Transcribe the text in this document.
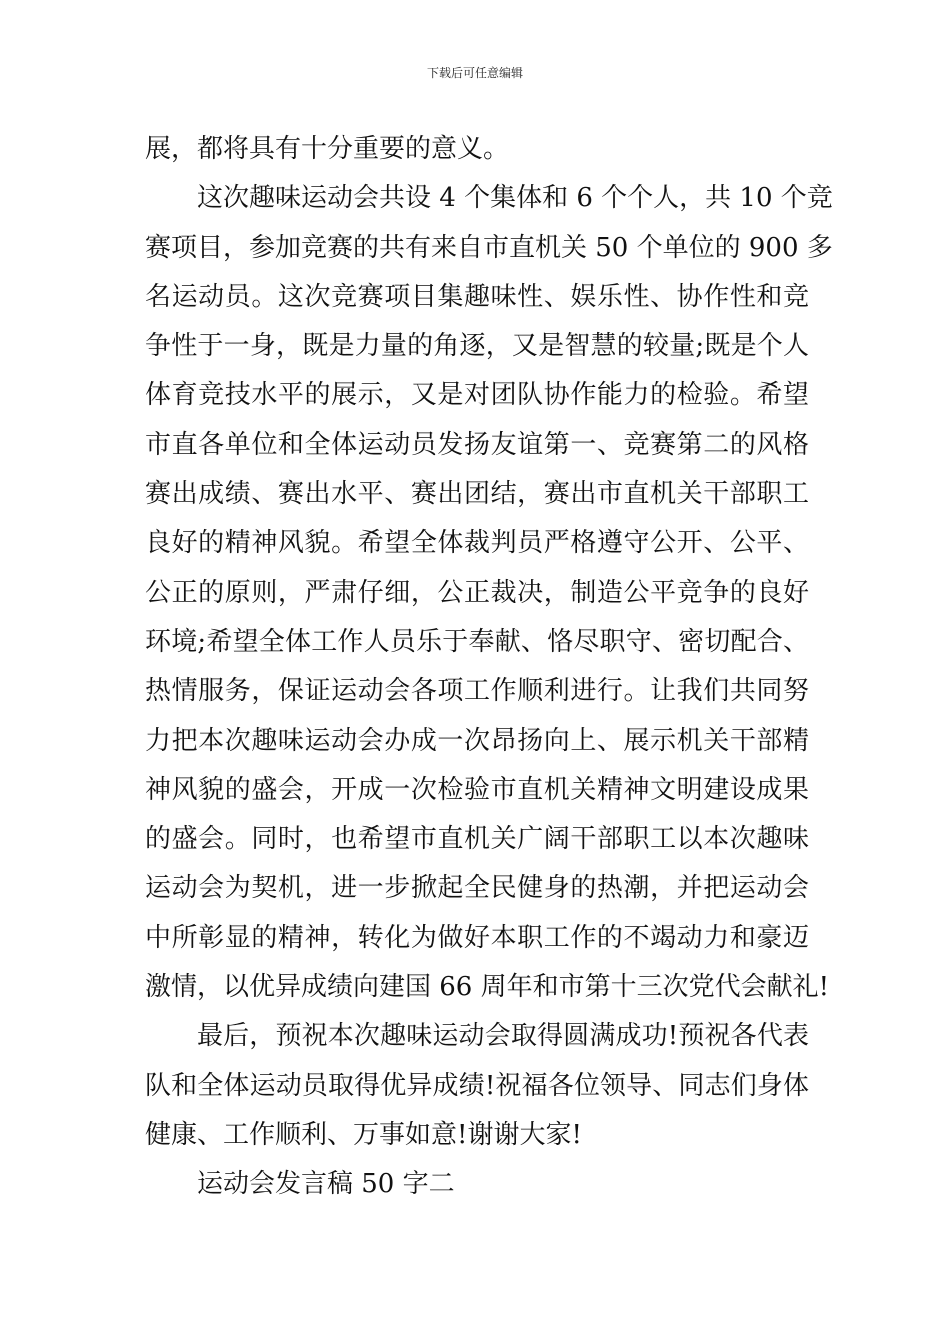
下载后可任意编辑
展，都将具有十分重要的意义。
这次趣味运动会共设 4 个集体和 6 个个人，共 10 个竞
赛项目，参加竞赛的共有来自市直机关 50 个单位的 900 多
名运动员。这次竞赛项目集趣味性、娱乐性、协作性和竞
争性于一身，既是力量的角逐，又是智慧的较量;既是个人
体育竞技水平的展示，又是对团队协作能力的检验。希望
市直各单位和全体运动员发扬友谊第一、竞赛第二的风格
赛出成绩、赛出水平、赛出团结，赛出市直机关干部职工
良好的精神风貌。希望全体裁判员严格遵守公开、公平、
公正的原则，严肃仔细，公正裁决，制造公平竞争的良好
环境;希望全体工作人员乐于奉献、恪尽职守、密切配合、
热情服务，保证运动会各项工作顺利进行。让我们共同努
力把本次趣味运动会办成一次昂扬向上、展示机关干部精
神风貌的盛会，开成一次检验市直机关精神文明建设成果
的盛会。同时，也希望市直机关广阔干部职工以本次趣味
运动会为契机，进一步掀起全民健身的热潮，并把运动会
中所彰显的精神，转化为做好本职工作的不竭动力和豪迈
激情，以优异成绩向建国 66 周年和市第十三次党代会献礼!
最后，预祝本次趣味运动会取得圆满成功!预祝各代表
队和全体运动员取得优异成绩!祝福各位领导、同志们身体
健康、工作顺利、万事如意!谢谢大家!
运动会发言稿 50 字二
